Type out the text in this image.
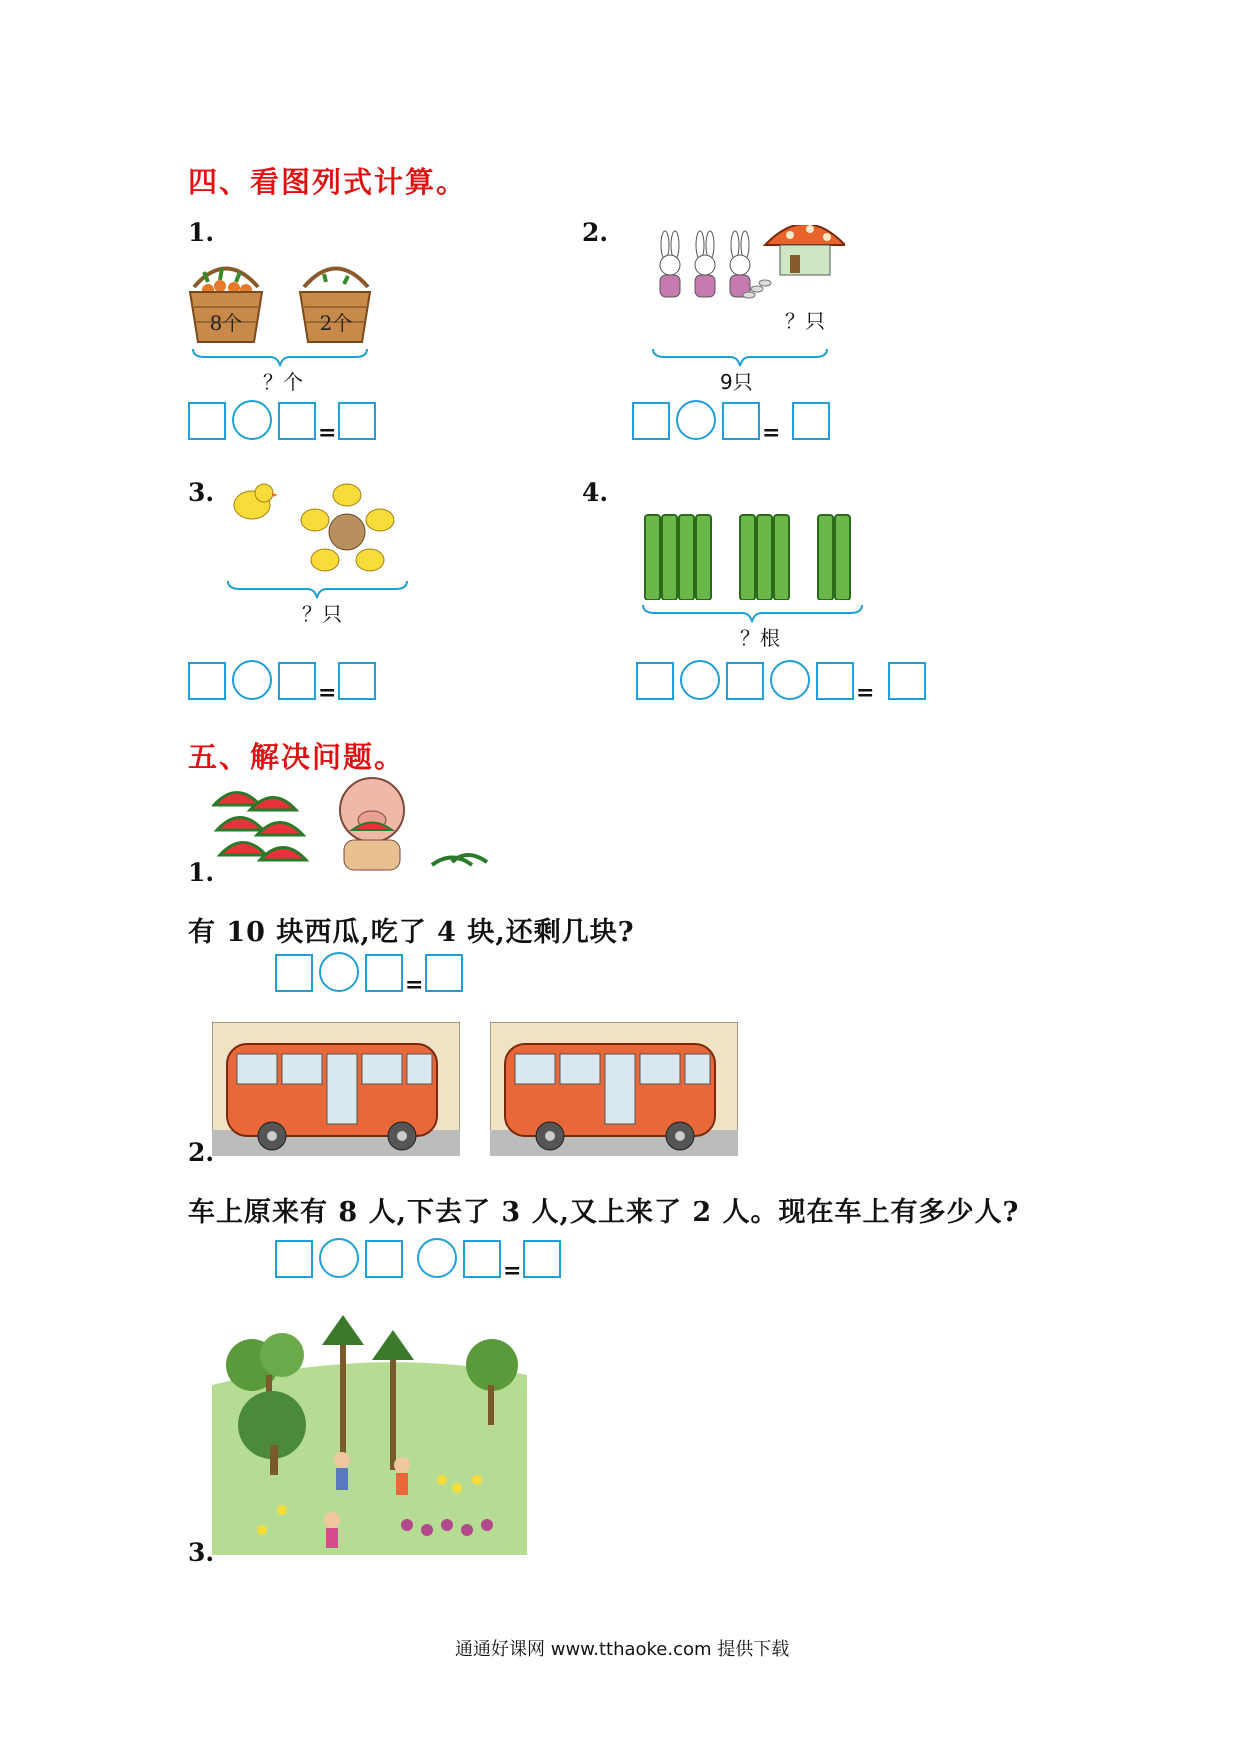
四、看图列式计算。
1.
8个	2个
？个
=
2.
？只
9只
=
3.
？只
=
4.
？根
=
五、解决问题。
1.
有 10 块西瓜,吃了 4 块,还剩几块?
=
2.
车上原来有 8 人,下去了 3 人,又上来了 2 人。现在车上有多少人?
=
3.
通通好课网 www.tthaoke.com 提供下载
